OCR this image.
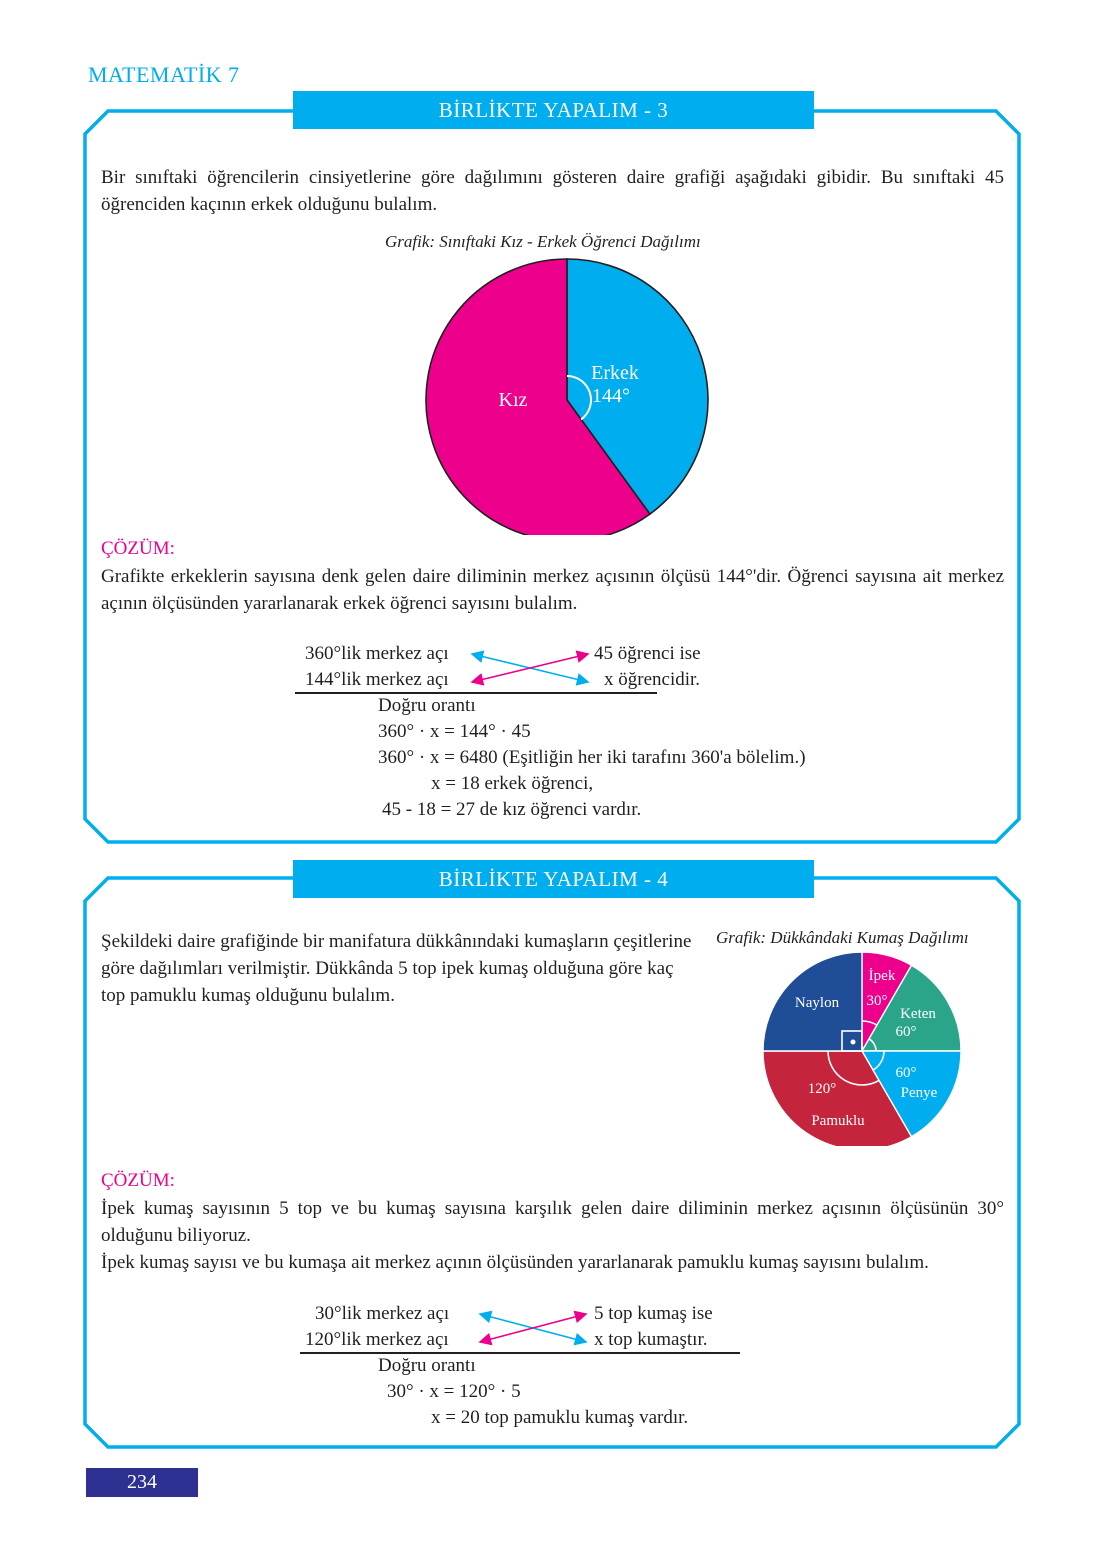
MATEMATİK 7
BİRLİKTE YAPALIM - 3
Bir sınıftaki öğrencilerin cinsiyetlerine göre dağılımını gösteren daire grafiği aşağıdaki gibidir. Bu sınıftaki 45 öğrenciden kaçının erkek olduğunu bulalım.
Grafik: Sınıftaki Kız - Erkek Öğrenci Dağılımı
Erkek
144°
Kız
ÇÖZÜM:
Grafikte erkeklerin sayısına denk gelen daire diliminin merkez açısının ölçüsü 144°'dir. Öğrenci sayısına ait merkez açının ölçüsünden yararlanarak erkek öğrenci sayısını bulalım.
360°lik merkez açı
144°lik merkez açı
45 öğrenci ise
x öğrencidir.
Doğru orantı
360° · x = 144° · 45
360° · x = 6480 (Eşitliğin her iki tarafını 360'a bölelim.)
x = 18 erkek öğrenci,
45 - 18 = 27 de kız öğrenci vardır.
BİRLİKTE YAPALIM - 4
Şekildeki daire grafiğinde bir manifatura dükkânındaki kumaşların çeşitlerine göre dağılımları verilmiştir. Dükkânda 5 top ipek kumaş olduğuna göre kaç top pamuklu kumaş olduğunu bulalım.
Grafik: Dükkândaki Kumaş Dağılımı
İpek
30°
Keten
60°
60°
Penye
120°
Pamuklu
Naylon
ÇÖZÜM:
İpek kumaş sayısının 5 top ve bu kumaş sayısına karşılık gelen daire diliminin merkez açısının ölçüsünün 30° olduğunu biliyoruz.
İpek kumaş sayısı ve bu kumaşa ait merkez açının ölçüsünden yararlanarak pamuklu kumaş sayısını bulalım.
30°lik merkez açı
120°lik merkez açı
5 top kumaş ise
x top kumaştır.
Doğru orantı
30° · x = 120° · 5
x = 20 top pamuklu kumaş vardır.
234
